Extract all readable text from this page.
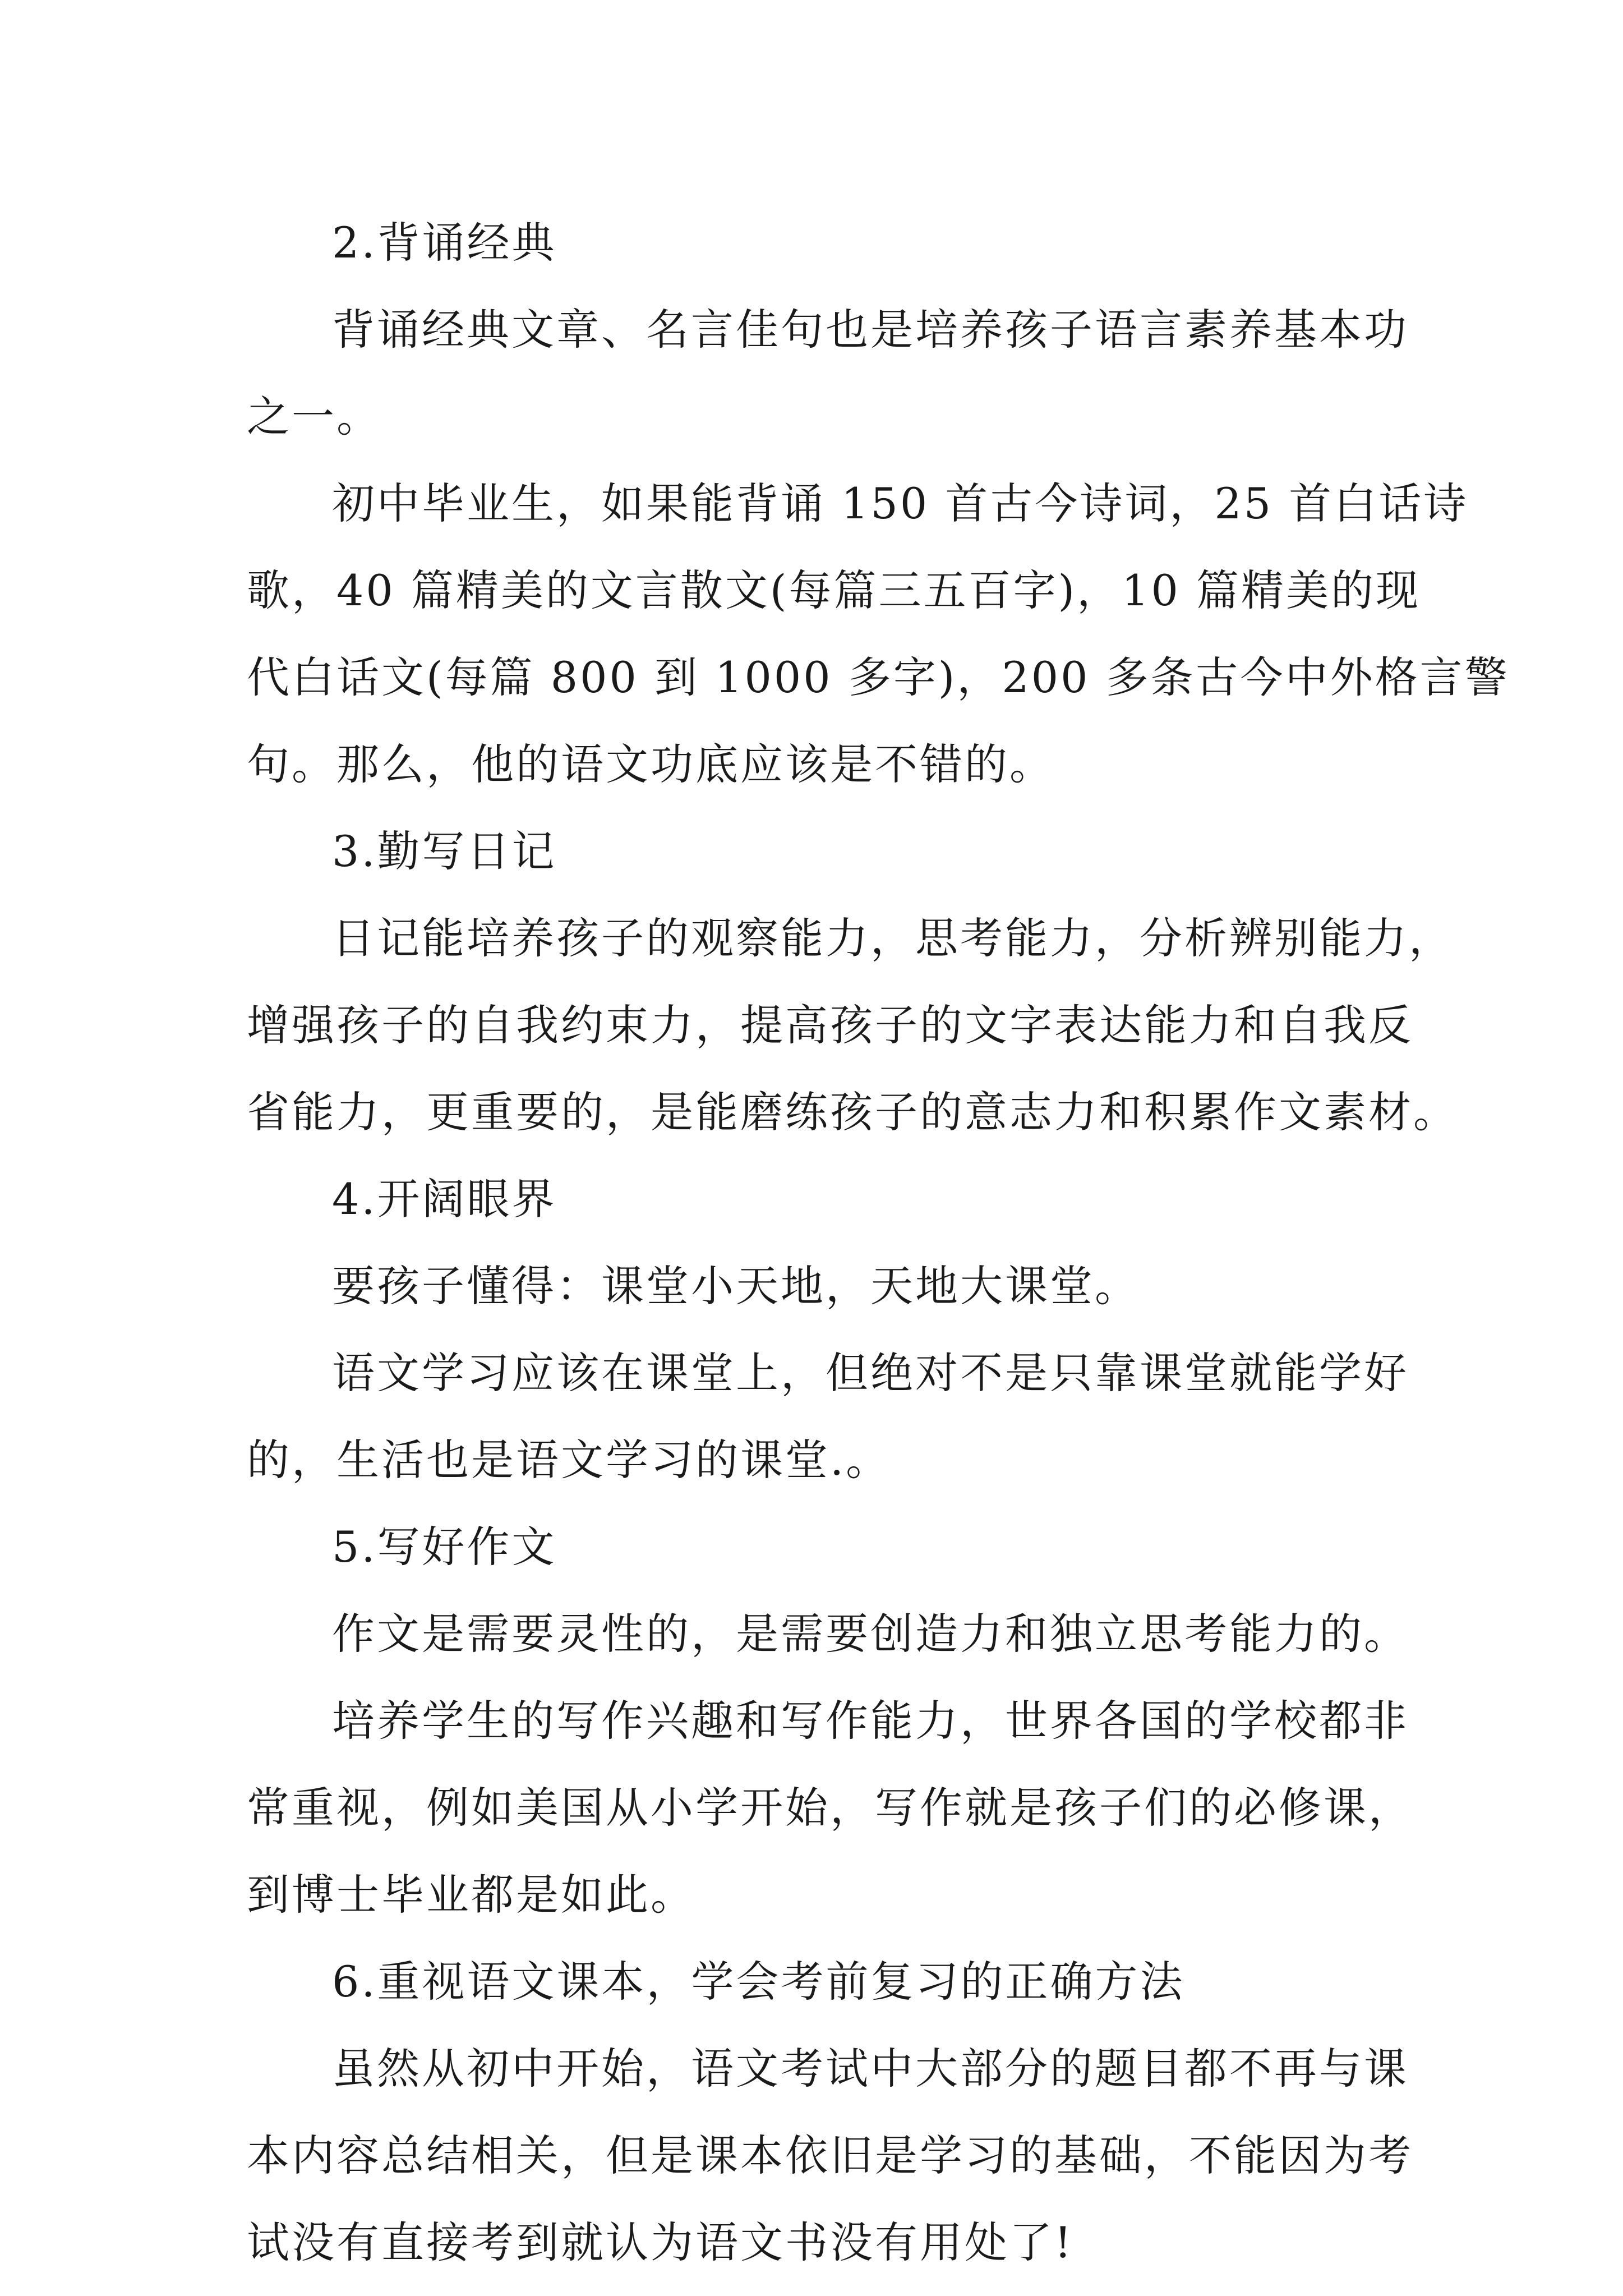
2.背诵经典
背诵经典文章、名言佳句也是培养孩子语言素养基本功
之一。
初中毕业生，如果能背诵 150 首古今诗词，25 首白话诗
歌，40 篇精美的文言散文(每篇三五百字)，10 篇精美的现
代白话文(每篇 800 到 1000 多字)，200 多条古今中外格言警
句。那么，他的语文功底应该是不错的。
3.勤写日记
日记能培养孩子的观察能力，思考能力，分析辨别能力，
增强孩子的自我约束力，提高孩子的文字表达能力和自我反
省能力，更重要的，是能磨练孩子的意志力和积累作文素材。
4.开阔眼界
要孩子懂得：课堂小天地，天地大课堂。
语文学习应该在课堂上，但绝对不是只靠课堂就能学好
的，生活也是语文学习的课堂.。
5.写好作文
作文是需要灵性的，是需要创造力和独立思考能力的。
培养学生的写作兴趣和写作能力，世界各国的学校都非
常重视，例如美国从小学开始，写作就是孩子们的必修课，
到博士毕业都是如此。
6.重视语文课本，学会考前复习的正确方法
虽然从初中开始，语文考试中大部分的题目都不再与课
本内容总结相关，但是课本依旧是学习的基础，不能因为考
试没有直接考到就认为语文书没有用处了!
